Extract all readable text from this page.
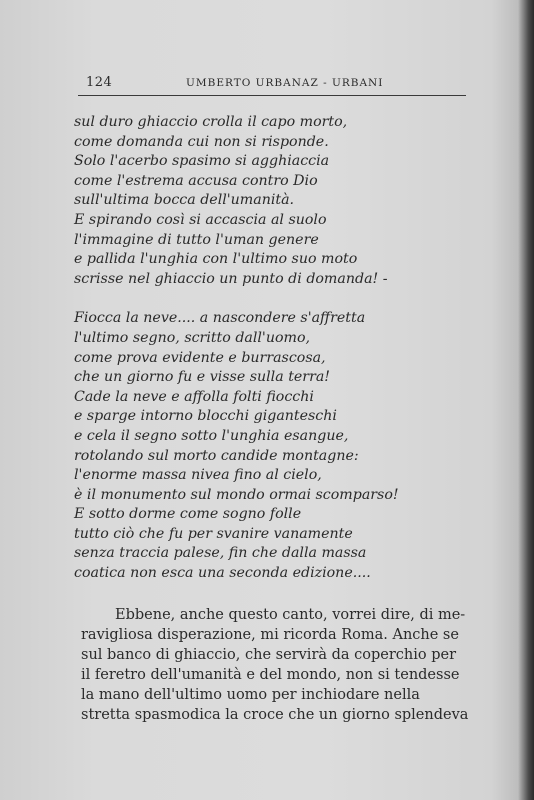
124	UMBERTO URBANAZ - URBANI
sul duro ghiaccio crolla il capo morto,
come domanda cui non si risponde.
Solo l'acerbo spasimo si agghiaccia
come l'estrema accusa contro Dio
sull'ultima bocca dell'umanità.
E spirando così si accascia al suolo
l'immagine di tutto l'uman genere
e pallida l'unghia con l'ultimo suo moto
scrisse nel ghiaccio un punto di domanda! -
Fiocca la neve.... a nascondere s'affretta
l'ultimo segno, scritto dall'uomo,
come prova evidente e burrascosa,
che un giorno fu e visse sulla terra!
Cade la neve e affolla folti fiocchi
e sparge intorno blocchi giganteschi
e cela il segno sotto l'unghia esangue,
rotolando sul morto candide montagne:
l'enorme massa nivea fino al cielo,
è il monumento sul mondo ormai scomparso!
E sotto dorme come sogno folle
tutto ciò che fu per svanire vanamente
senza traccia palese, fin che dalla massa
coatica non esca una seconda edizione....
Ebbene, anche questo canto, vorrei dire, di me-
ravigliosa disperazione, mi ricorda Roma. Anche se
sul banco di ghiaccio, che servirà da coperchio per
il feretro dell'umanità e del mondo, non si tendesse
la mano dell'ultimo uomo per inchiodare nella
stretta spasmodica la croce che un giorno splendeva
